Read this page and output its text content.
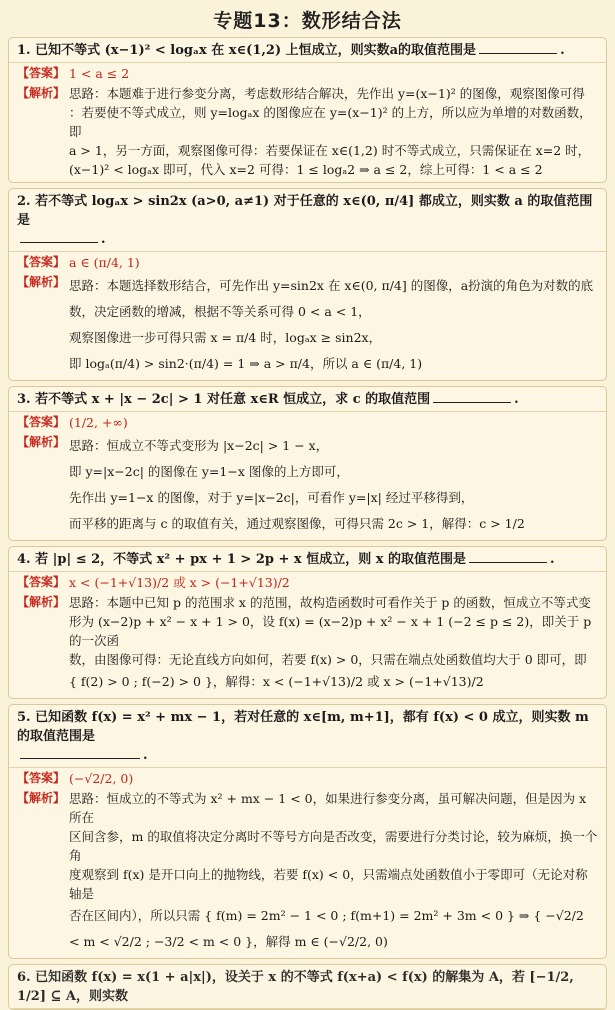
专题13：数形结合法
1. 已知不等式 (x−1)² < logₐx 在 x∈(1,2) 上恒成立，则实数a的取值范围是	.
【答案】 1 < a ≤ 2
【解析】 思路：本题难于进行参变分离，考虑数形结合解决，先作出 y=(x−1)² 的图像，观察图像可得
：若要使不等式成立，则 y=logₐx 的图像应在 y=(x−1)² 的上方，所以应为单增的对数函数，即
a > 1，另一方面，观察图像可得：若要保证在 x∈(1,2) 时不等式成立，只需保证在 x=2 时，
(x−1)² < logₐx 即可，代入 x=2 可得：1 ≤ logₐ2 ⇒ a ≤ 2，综上可得：1 < a ≤ 2
2. 若不等式 logₐx > sin2x (a>0, a≠1) 对于任意的 x∈(0, π/4] 都成立，则实数 a 的取值范围是
.
【答案】 a ∈ (π/4, 1)
【解析】 思路：本题选择数形结合，可先作出 y=sin2x 在 x∈(0, π/4] 的图像，a扮演的角色为对数的底
数，决定函数的增减，根据不等关系可得 0 < a < 1，
观察图像进一步可得只需 x = π/4 时，logₐx ≥ sin2x，
即 logₐ(π/4) > sin2·(π/4) = 1 ⇒ a > π/4，所以 a ∈ (π/4, 1)
3. 若不等式 x + |x − 2c| > 1 对任意 x∈R 恒成立，求 c 的取值范围	.
【答案】 (1/2, +∞)
【解析】 思路：恒成立不等式变形为 |x−2c| > 1 − x，
即 y=|x−2c| 的图像在 y=1−x 图像的上方即可，
先作出 y=1−x 的图像，对于 y=|x−2c|，可看作 y=|x| 经过平移得到，
而平移的距离与 c 的取值有关，通过观察图像，可得只需 2c > 1，解得：c > 1/2
4. 若 |p| ≤ 2，不等式 x² + px + 1 > 2p + x 恒成立，则 x 的取值范围是	.
【答案】 x < (−1+√13)/2 或 x > (−1+√13)/2
【解析】 思路：本题中已知 p 的范围求 x 的范围，故构造函数时可看作关于 p 的函数，恒成立不等式变
形为 (x−2)p + x² − x + 1 > 0，设 f(x) = (x−2)p + x² − x + 1 (−2 ≤ p ≤ 2)，即关于 p 的一次函
数，由图像可得：无论直线方向如何，若要 f(x) > 0，只需在端点处函数值均大于 0 即可，即
{ f(2) > 0 ; f(−2) > 0 }，解得：x < (−1+√13)/2 或 x > (−1+√13)/2
5. 已知函数 f(x) = x² + mx − 1，若对任意的 x∈[m, m+1]，都有 f(x) < 0 成立，则实数 m 的取值范围是
.
【答案】 (−√2/2, 0)
【解析】 思路：恒成立的不等式为 x² + mx − 1 < 0，如果进行参变分离，虽可解决问题，但是因为 x 所在
区间含参，m 的取值将决定分离时不等号方向是否改变，需要进行分类讨论，较为麻烦，换一个角
度观察到 f(x) 是开口向上的抛物线，若要 f(x) < 0，只需端点处函数值小于零即可（无论对称轴是
否在区间内），所以只需 { f(m) = 2m² − 1 < 0 ; f(m+1) = 2m² + 3m < 0 } ⇒ { −√2/2 < m < √2/2 ; −3/2 < m < 0 }，解得 m ∈ (−√2/2, 0)
6. 已知函数 f(x) = x(1 + a|x|)，设关于 x 的不等式 f(x+a) < f(x) 的解集为 A，若 [−1/2, 1/2] ⊆ A，则实数
